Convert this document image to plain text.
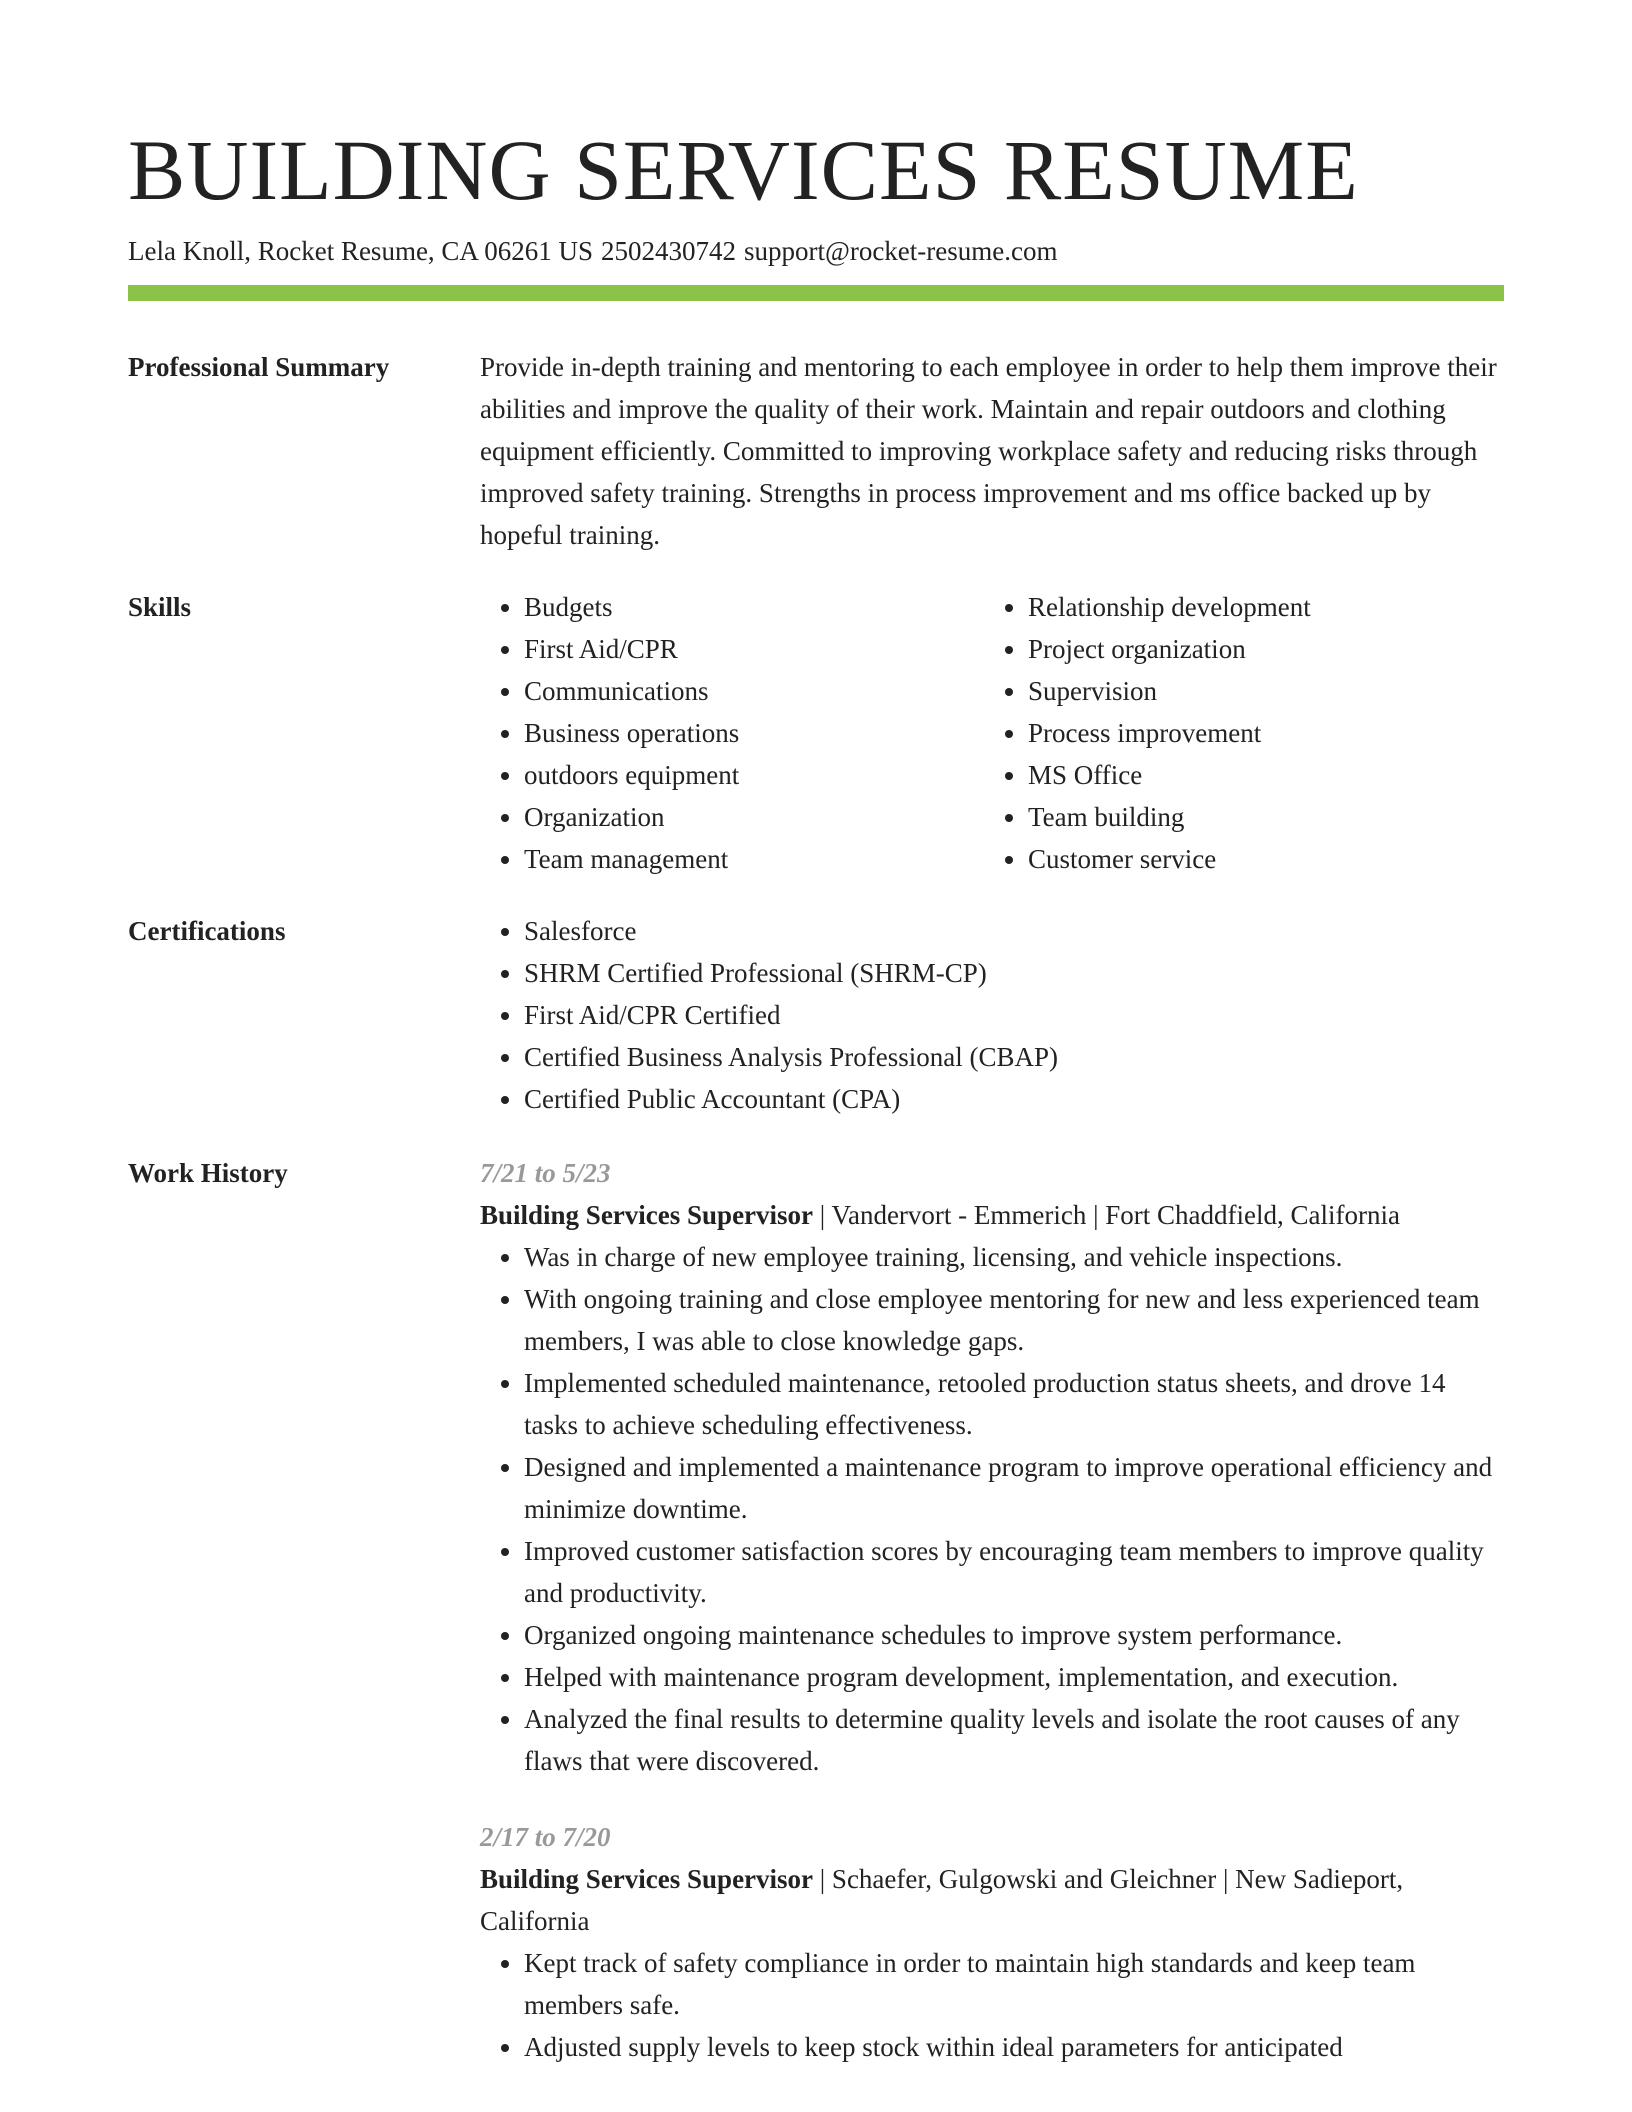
BUILDING SERVICES RESUME
Lela Knoll, Rocket Resume, CA 06261 US 2502430742 support@rocket-resume.com
Professional Summary	Provide in-depth training and mentoring to each employee in order to help them improve their abilities and improve the quality of their work. Maintain and repair outdoors and clothing equipment efficiently. Committed to improving workplace safety and reducing risks through improved safety training. Strengths in process improvement and ms office backed up by hopeful training.

Skills	• Budgets
• First Aid/CPR
• Communications
• Business operations
• outdoors equipment
• Organization
• Team management
• Relationship development
• Project organization
• Supervision
• Process improvement
• MS Office
• Team building
• Customer service
Certifications	• Salesforce
• SHRM Certified Professional (SHRM-CP)
• First Aid/CPR Certified
• Certified Business Analysis Professional (CBAP)
• Certified Public Accountant (CPA)
Work History	7/21 to 5/23

Building Services Supervisor | Vandervort - Emmerich | Fort Chaddfield, California

• Was in charge of new employee training, licensing, and vehicle inspections.
• With ongoing training and close employee mentoring for new and less experienced team members, I was able to close knowledge gaps.
• Implemented scheduled maintenance, retooled production status sheets, and drove 14 tasks to achieve scheduling effectiveness.
• Designed and implemented a maintenance program to improve operational efficiency and minimize downtime.
• Improved customer satisfaction scores by encouraging team members to improve quality and productivity.
• Organized ongoing maintenance schedules to improve system performance.
• Helped with maintenance program development, implementation, and execution.
• Analyzed the final results to determine quality levels and isolate the root causes of any flaws that were discovered.

2/17 to 7/20

Building Services Supervisor | Schaefer, Gulgowski and Gleichner | New Sadieport, California

• Kept track of safety compliance in order to maintain high standards and keep team members safe.
• Adjusted supply levels to keep stock within ideal parameters for anticipated
